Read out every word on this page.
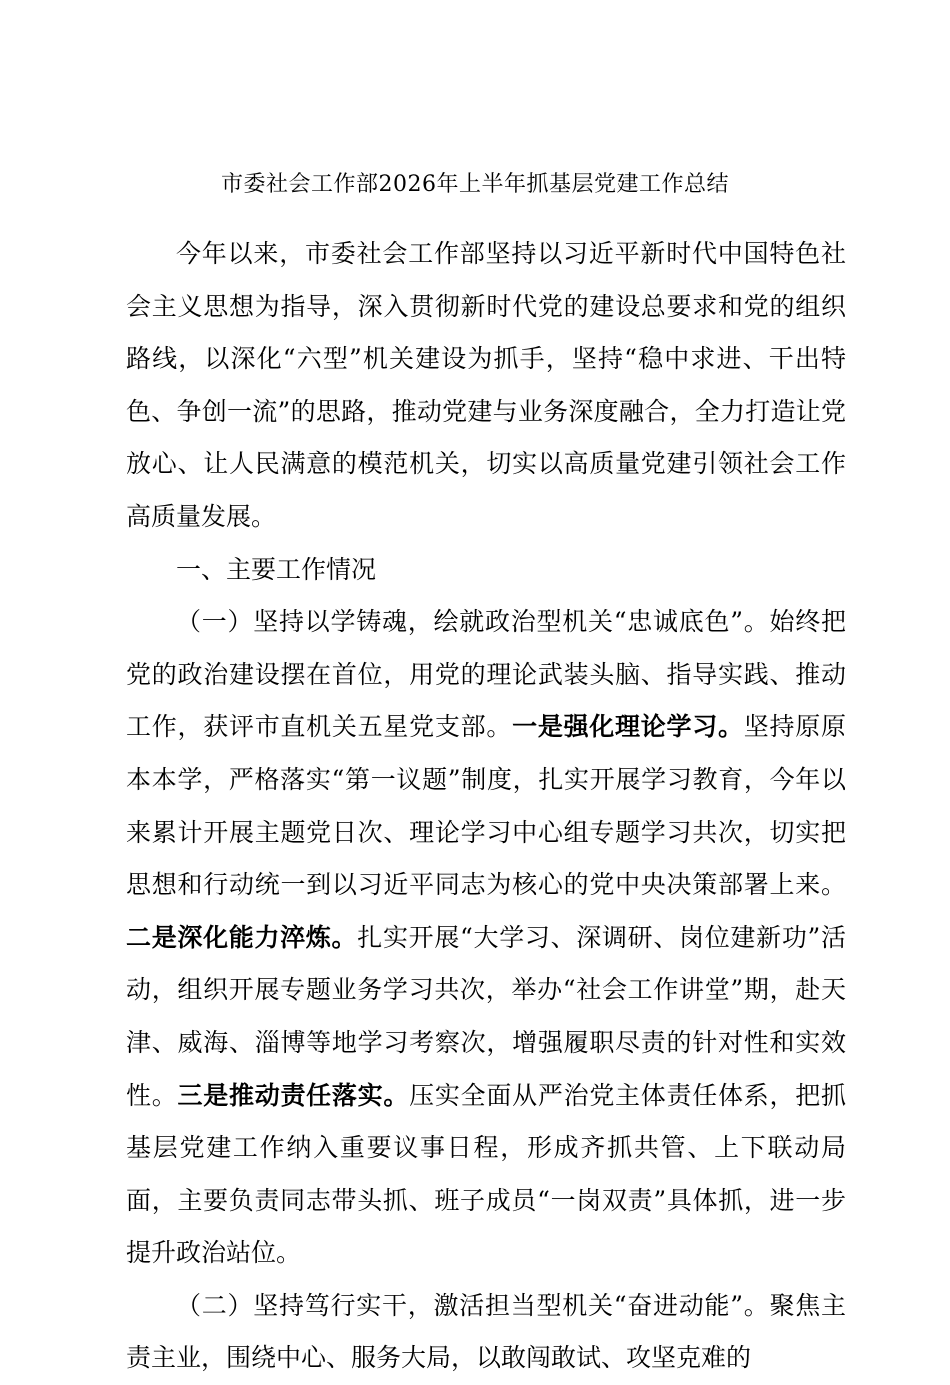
市委社会工作部2026年上半年抓基层党建工作总结

今年以来，市委社会工作部坚持以习近平新时代中国特色社会主义思想为指导，深入贯彻新时代党的建设总要求和党的组织路线，以深化“六型”机关建设为抓手，坚持“稳中求进、干出特色、争创一流”的思路，推动党建与业务深度融合，全力打造让党放心、让人民满意的模范机关，切实以高质量党建引领社会工作高质量发展。

一、主要工作情况

（一）坚持以学铸魂，绘就政治型机关“忠诚底色”。始终把党的政治建设摆在首位，用党的理论武装头脑、指导实践、推动工作，获评市直机关五星党支部。一是强化理论学习。坚持原原本本学，严格落实“第一议题”制度，扎实开展学习教育，今年以来累计开展主题党日次、理论学习中心组专题学习共次，切实把思想和行动统一到以习近平同志为核心的党中央决策部署上来。二是深化能力淬炼。扎实开展“大学习、深调研、岗位建新功”活动，组织开展专题业务学习共次，举办“社会工作讲堂”期，赴天津、威海、淄博等地学习考察次，增强履职尽责的针对性和实效性。三是推动责任落实。压实全面从严治党主体责任体系，把抓基层党建工作纳入重要议事日程，形成齐抓共管、上下联动局面，主要负责同志带头抓、班子成员“一岗双责”具体抓，进一步提升政治站位。

（二）坚持笃行实干，激活担当型机关“奋进动能”。聚焦主责主业，围绕中心、服务大局，以敢闯敢试、攻坚克难的
